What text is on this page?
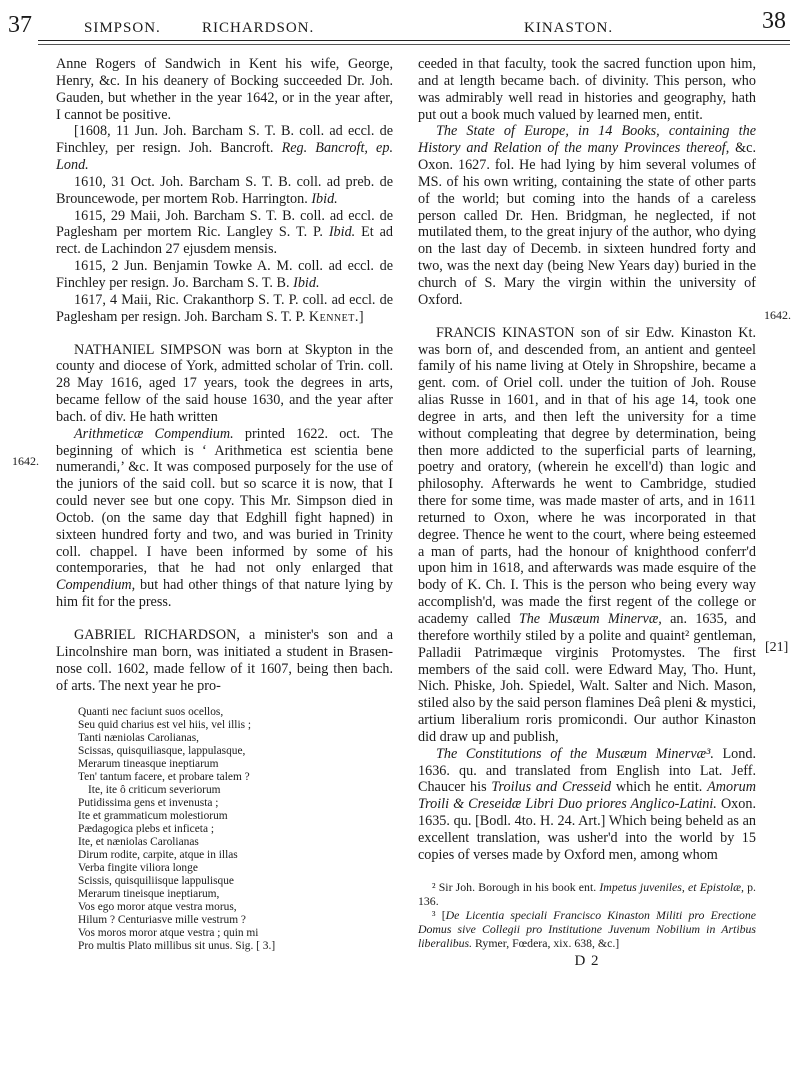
37	SIMPSON.	RICHARDSON.	KINASTON.	38
1642.
1642.
[21]

Anne Rogers of Sandwich in Kent his wife, George, Henry, &c. In his deanery of Bocking succeeded Dr. Joh. Gauden, but whether in the year 1642, or in the year after, I cannot be positive.

[1608, 11 Jun. Joh. Barcham S. T. B. coll. ad eccl. de Finchley, per resign. Joh. Bancroft. Reg. Bancroft, ep. Lond.

1610, 31 Oct. Joh. Barcham S. T. B. coll. ad preb. de Brouncewode, per mortem Rob. Harrington. Ibid.

1615, 29 Maii, Joh. Barcham S. T. B. coll. ad eccl. de Paglesham per mortem Ric. Langley S. T. P. Ibid. Et ad rect. de Lachindon 27 ejusdem mensis.

1615, 2 Jun. Benjamin Towke A. M. coll. ad eccl. de Finchley per resign. Jo. Barcham S. T. B. Ibid.

1617, 4 Maii, Ric. Crakanthorp S. T. P. coll. ad eccl. de Paglesham per resign. Joh. Barcham S. T. P. Kennet.]

NATHANIEL SIMPSON was born at Skypton in the county and diocese of York, admitted scholar of Trin. coll. 28 May 1616, aged 17 years, took the degrees in arts, became fellow of the said house 1630, and the year after bach. of div. He hath written

Arithmeticæ Compendium. printed 1622. oct. The beginning of which is ‘ Arithmetica est scientia bene numerandi,’ &c. It was composed purposely for the use of the juniors of the said coll. but so scarce it is now, that I could never see but one copy. This Mr. Simpson died in Octob. (on the same day that Edghill fight hapned) in sixteen hundred forty and two, and was buried in Trinity coll. chappel. I have been informed by some of his contemporaries, that he had not only enlarged that Compendium, but had other things of that nature lying by him fit for the press.

GABRIEL RICHARDSON, a minister's son and a Lincolnshire man born, was initiated a student in Brasen-nose coll. 1602, made fellow of it 1607, being then bach. of arts. The next year he pro-

Quanti nec faciunt suos ocellos,
Seu quid charius est vel hiis, vel illis ;
Tanti næniolas Carolianas,
Scissas, quisquiliasque, lappulasque,
Merarum tineasque ineptiarum
Ten' tantum facere, et probare talem ?
Ite, ite ô criticum severiorum
Putidissima gens et invenusta ;
Ite et grammaticum molestiorum
Pædagogica plebs et inficeta ;
Ite, et næniolas Carolianas
Dirum rodite, carpite, atque in illas
Verba fingite viliora longe
Scissis, quisquiliisque lappulisque
Merarum tineisque ineptiarum,
Vos ego moror atque vestra morus,
Hilum ? Centuriasve mille vestrum ?
Vos moros moror atque vestra ; quin mi
Pro multis Plato millibus sit unus. Sig. [ 3.]

ceeded in that faculty, took the sacred function upon him, and at length became bach. of divinity. This person, who was admirably well read in histories and geography, hath put out a book much valued by learned men, entit.

The State of Europe, in 14 Books, containing the History and Relation of the many Provinces thereof, &c. Oxon. 1627. fol. He had lying by him several volumes of MS. of his own writing, containing the state of other parts of the world; but coming into the hands of a careless person called Dr. Hen. Bridgman, he neglected, if not mutilated them, to the great injury of the author, who dying on the last day of Decemb. in sixteen hundred forty and two, was the next day (being New Years day) buried in the church of S. Mary the virgin within the university of Oxford.

FRANCIS KINASTON son of sir Edw. Kinaston Kt. was born of, and descended from, an antient and genteel family of his name living at Otely in Shropshire, became a gent. com. of Oriel coll. under the tuition of Joh. Rouse alias Russe in 1601, and in that of his age 14, took one degree in arts, and then left the university for a time without compleating that degree by determination, being then more addicted to the superficial parts of learning, poetry and oratory, (wherein he excell'd) than logic and philosophy. Afterwards he went to Cambridge, studied there for some time, was made master of arts, and in 1611 returned to Oxon, where he was incorporated in that degree. Thence he went to the court, where being esteemed a man of parts, had the honour of knighthood conferr'd upon him in 1618, and afterwards was made esquire of the body of K. Ch. I. This is the person who being every way accomplish'd, was made the first regent of the college or academy called The Musæum Minervæ, an. 1635, and therefore worthily stiled by a polite and quaint² gentleman, Palladii Patrimæque virginis Protomystes. The first members of the said coll. were Edward May, Tho. Hunt, Nich. Phiske, Joh. Spiedel, Walt. Salter and Nich. Mason, stiled also by the said person flamines Deâ pleni & mystici, artium liberalium roris promicondi. Our author Kinaston did draw up and publish,

The Constitutions of the Musæum Minervæ³. Lond. 1636. qu. and translated from English into Lat. Jeff. Chaucer his Troilus and Cresseid which he entit. Amorum Troili & Creseidæ Libri Duo priores Anglico-Latini. Oxon. 1635. qu. [Bodl. 4to. H. 24. Art.] Which being beheld as an excellent translation, was usher'd into the world by 15 copies of verses made by Oxford men, among whom

² Sir Joh. Borough in his book ent. Impetus juveniles, et Epistolæ, p. 136.

³ [De Licentia speciali Francisco Kinaston Militi pro Erectione Domus sive Collegii pro Institutione Juvenum Nobilium in Artibus liberalibus. Rymer, Fœdera, xix. 638, &c.]

D 2
